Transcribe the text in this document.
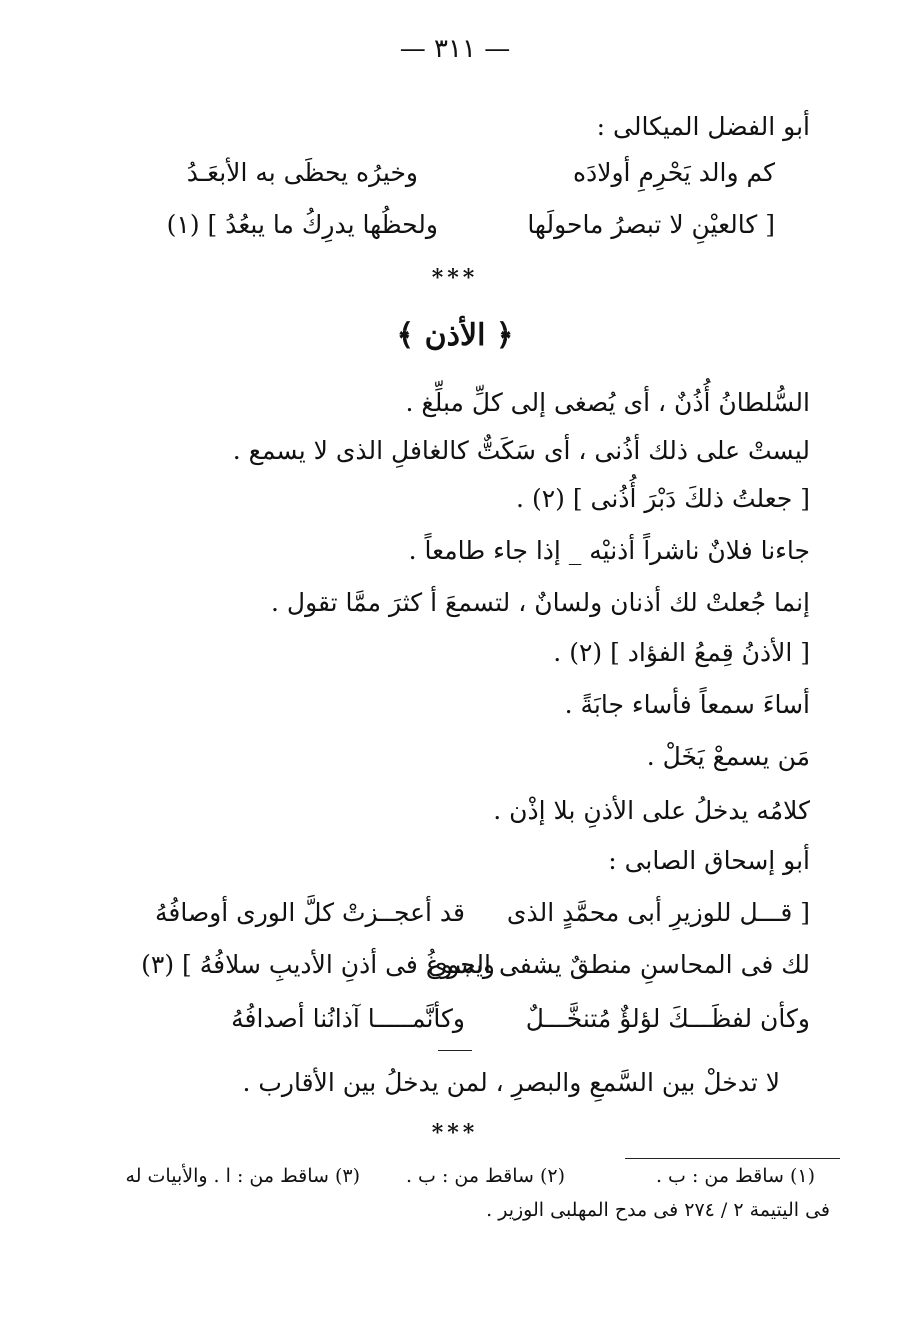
— ٣١١ —
أبو الفضل الميكالى :
كم والد يَحْرِمِ أولادَه
وخيرُه يحظَى به الأبعَـدُ
[ كالعيْنِ لا تبصرُ ماحولَها
ولحظُها يدرِكُ ما يبعُدُ ] (١)
***
﴿ الأذن ﴾
السُّلطانُ أُذُنٌ ، أى يُصغى إلى كلِّ مبلِّغ .
ليستْ على ذلك أذُنى ، أى سَكَتٌّ كالغافلِ الذى لا يسمع .
[ جعلتُ ذلكَ دَبْرَ أُذُنى ] (٢) .
جاءنا فلانٌ ناشراً أذنيْه _ إذا جاء طامعاً .
إنما جُعلتْ لك أذنان ولسانٌ ، لتسمعَ أ كثرَ ممَّا تقول .
[ الأذنُ قِمعُ الفؤاد ] (٢) .
أساءَ سمعاً فأساء جابَةً .
مَن يسمعْ يَخَلْ .
كلامُه يدخلُ على الأذنِ بلا إذْن .
أبو إسحاق الصابى :
[ قـــل للوزيرِ أبى محمَّدٍ الذى
قد أعجــزتْ كلَّ الورى أوصافُهُ
لك فى المحاسنِ منطقٌ يشفى الجوى
ويسوغُ فى أذنِ الأديبِ سلافُهُ ] (٣)
وكأن لفظَـــكَ لؤلؤٌ مُتنخَّـــلٌ
وكأنَّمـــــا آذانُنا أصدافُهُ
لا تدخلْ بين السَّمعِ والبصرِ ، لمن يدخلُ بين الأقارب .
***
(١) ساقط من : ب .
(٢) ساقط من : ب .
(٣) ساقط من : ا . والأبيات له
فى اليتيمة ٢ / ٢٧٤ فى مدح المهلبى الوزير .
